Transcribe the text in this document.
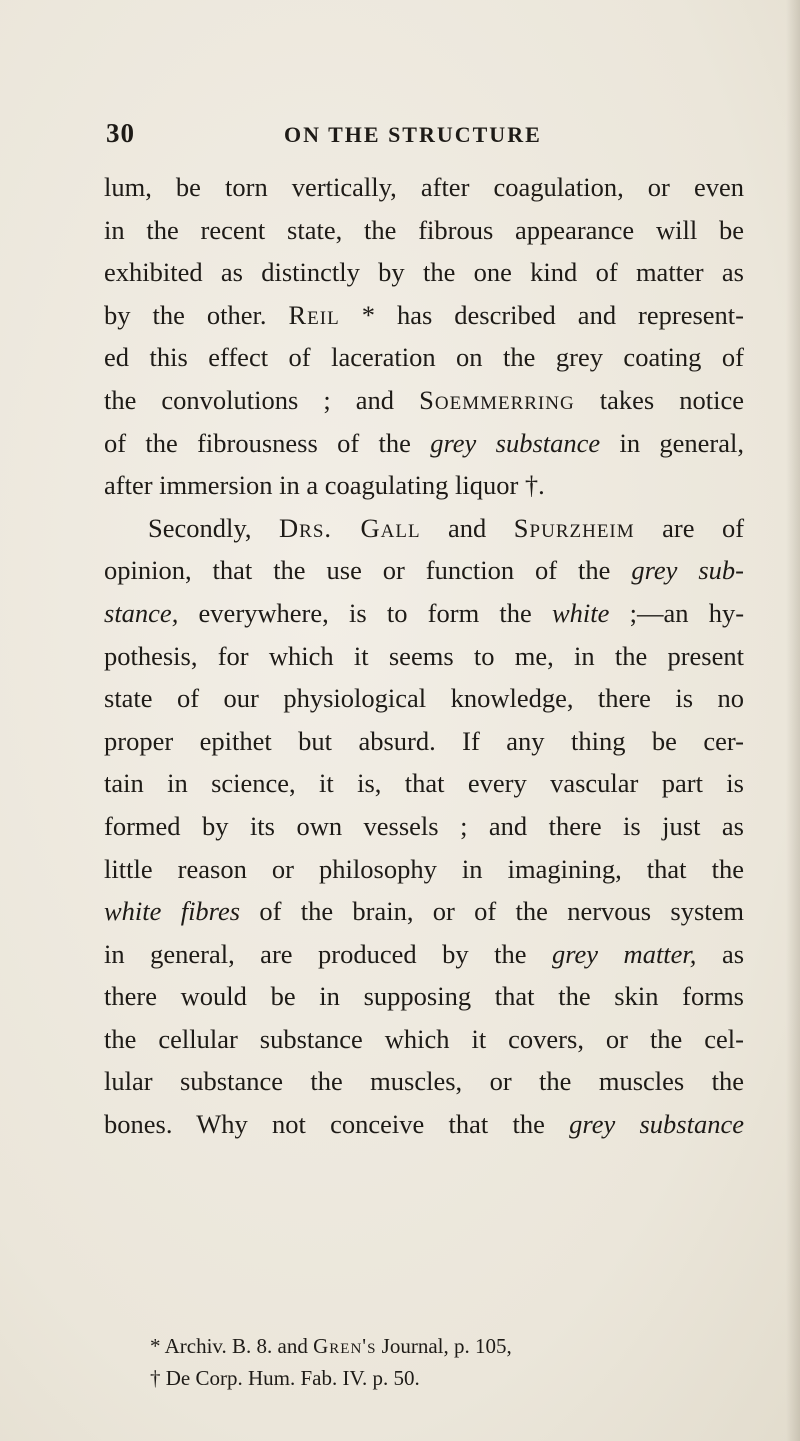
30	ON THE STRUCTURE
lum, be torn vertically, after coagulation, or even
in the recent state, the fibrous appearance will be
exhibited as distinctly by the one kind of matter as
by the other. Reil * has described and represent-
ed this effect of laceration on the grey coating of
the convolutions ; and Soemmerring takes notice
of the fibrousness of the grey substance in general,
after immersion in a coagulating liquor †.
Secondly, Drs. Gall and Spurzheim are of
opinion, that the use or function of the grey sub-
stance, everywhere, is to form the white ;—an hy-
pothesis, for which it seems to me, in the present
state of our physiological knowledge, there is no
proper epithet but absurd. If any thing be cer-
tain in science, it is, that every vascular part is
formed by its own vessels ; and there is just as
little reason or philosophy in imagining, that the
white fibres of the brain, or of the nervous system
in general, are produced by the grey matter, as
there would be in supposing that the skin forms
the cellular substance which it covers, or the cel-
lular substance the muscles, or the muscles the
bones. Why not conceive that the grey substance
* Archiv. B. 8. and Gren's Journal, p. 105,
† De Corp. Hum. Fab. IV. p. 50.
